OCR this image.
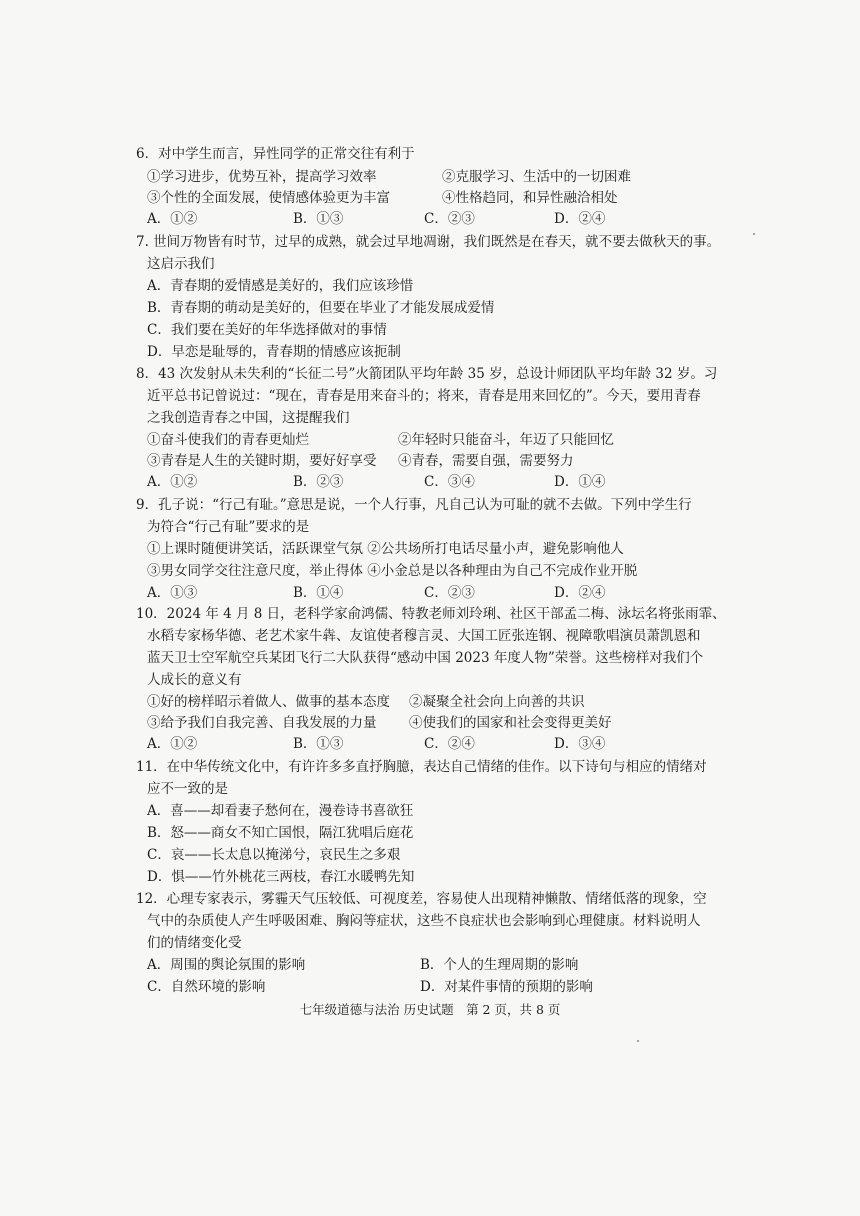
6．对中学生而言，异性同学的正常交往有利于
①学习进步，优势互补，提高学习效率	②克服学习、生活中的一切困难
③个性的全面发展，使情感体验更为丰富	④性格趋同，和异性融洽相处
A．①②	B．①③	C．②③	D．②④
7. 世间万物皆有时节，过早的成熟，就会过早地凋谢，我们既然是在春天，就不要去做秋天的事。
这启示我们
A．青春期的爱情感是美好的，我们应该珍惜
B．青春期的萌动是美好的，但要在毕业了才能发展成爱情
C．我们要在美好的年华选择做对的事情
D．早恋是耻辱的，青春期的情感应该扼制
8．43 次发射从未失利的“长征二号”火箭团队平均年龄 35 岁，总设计师团队平均年龄 32 岁。习
近平总书记曾说过：“现在，青春是用来奋斗的；将来，青春是用来回忆的”。今天，要用青春
之我创造青春之中国，这提醒我们
①奋斗使我们的青春更灿烂	②年轻时只能奋斗，年迈了只能回忆
③青春是人生的关键时期，要好好享受 ④青春，需要自强，需要努力
A．①②	B．②③	C．③④	D．①④
9．孔子说：“行己有耻。”意思是说，一个人行事，凡自己认为可耻的就不去做。下列中学生行
为符合“行己有耻”要求的是
①上课时随便讲笑话，活跃课堂气氛 ②公共场所打电话尽量小声，避免影响他人
③男女同学交往注意尺度，举止得体 ④小金总是以各种理由为自己不完成作业开脱
A．①③	B．①④	C．②③	D．②④
10．2024 年 4 月 8 日，老科学家俞鸿儒、特教老师刘玲琍、社区干部孟二梅、泳坛名将张雨霏、
水稻专家杨华德、老艺术家牛犇、友谊使者穆言灵、大国工匠张连钢、视障歌唱演员萧凯恩和
蓝天卫士空军航空兵某团飞行二大队获得“感动中国 2023 年度人物”荣誉。这些榜样对我们个
人成长的意义有
①好的榜样昭示着做人、做事的基本态度 ②凝聚全社会向上向善的共识
③给予我们自我完善、自我发展的力量 ④使我们的国家和社会变得更美好
A．①②	B．①③	C．②④	D．③④
11．在中华传统文化中，有许许多多直抒胸臆，表达自己情绪的佳作。以下诗句与相应的情绪对
应不一致的是
A．喜——却看妻子愁何在，漫卷诗书喜欲狂
B．怒——商女不知亡国恨，隔江犹唱后庭花
C．哀——长太息以掩涕兮，哀民生之多艰
D．惧——竹外桃花三两枝，春江水暖鸭先知
12．心理专家表示，雾霾天气压较低、可视度差，容易使人出现精神懒散、情绪低落的现象，空
气中的杂质使人产生呼吸困难、胸闷等症状，这些不良症状也会影响到心理健康。材料说明人
们的情绪变化受
A．周围的舆论氛围的影响	B．个人的生理周期的影响
C．自然环境的影响	D．对某件事情的预期的影响
七年级道德与法治 历史试题　第 2 页，共 8 页
